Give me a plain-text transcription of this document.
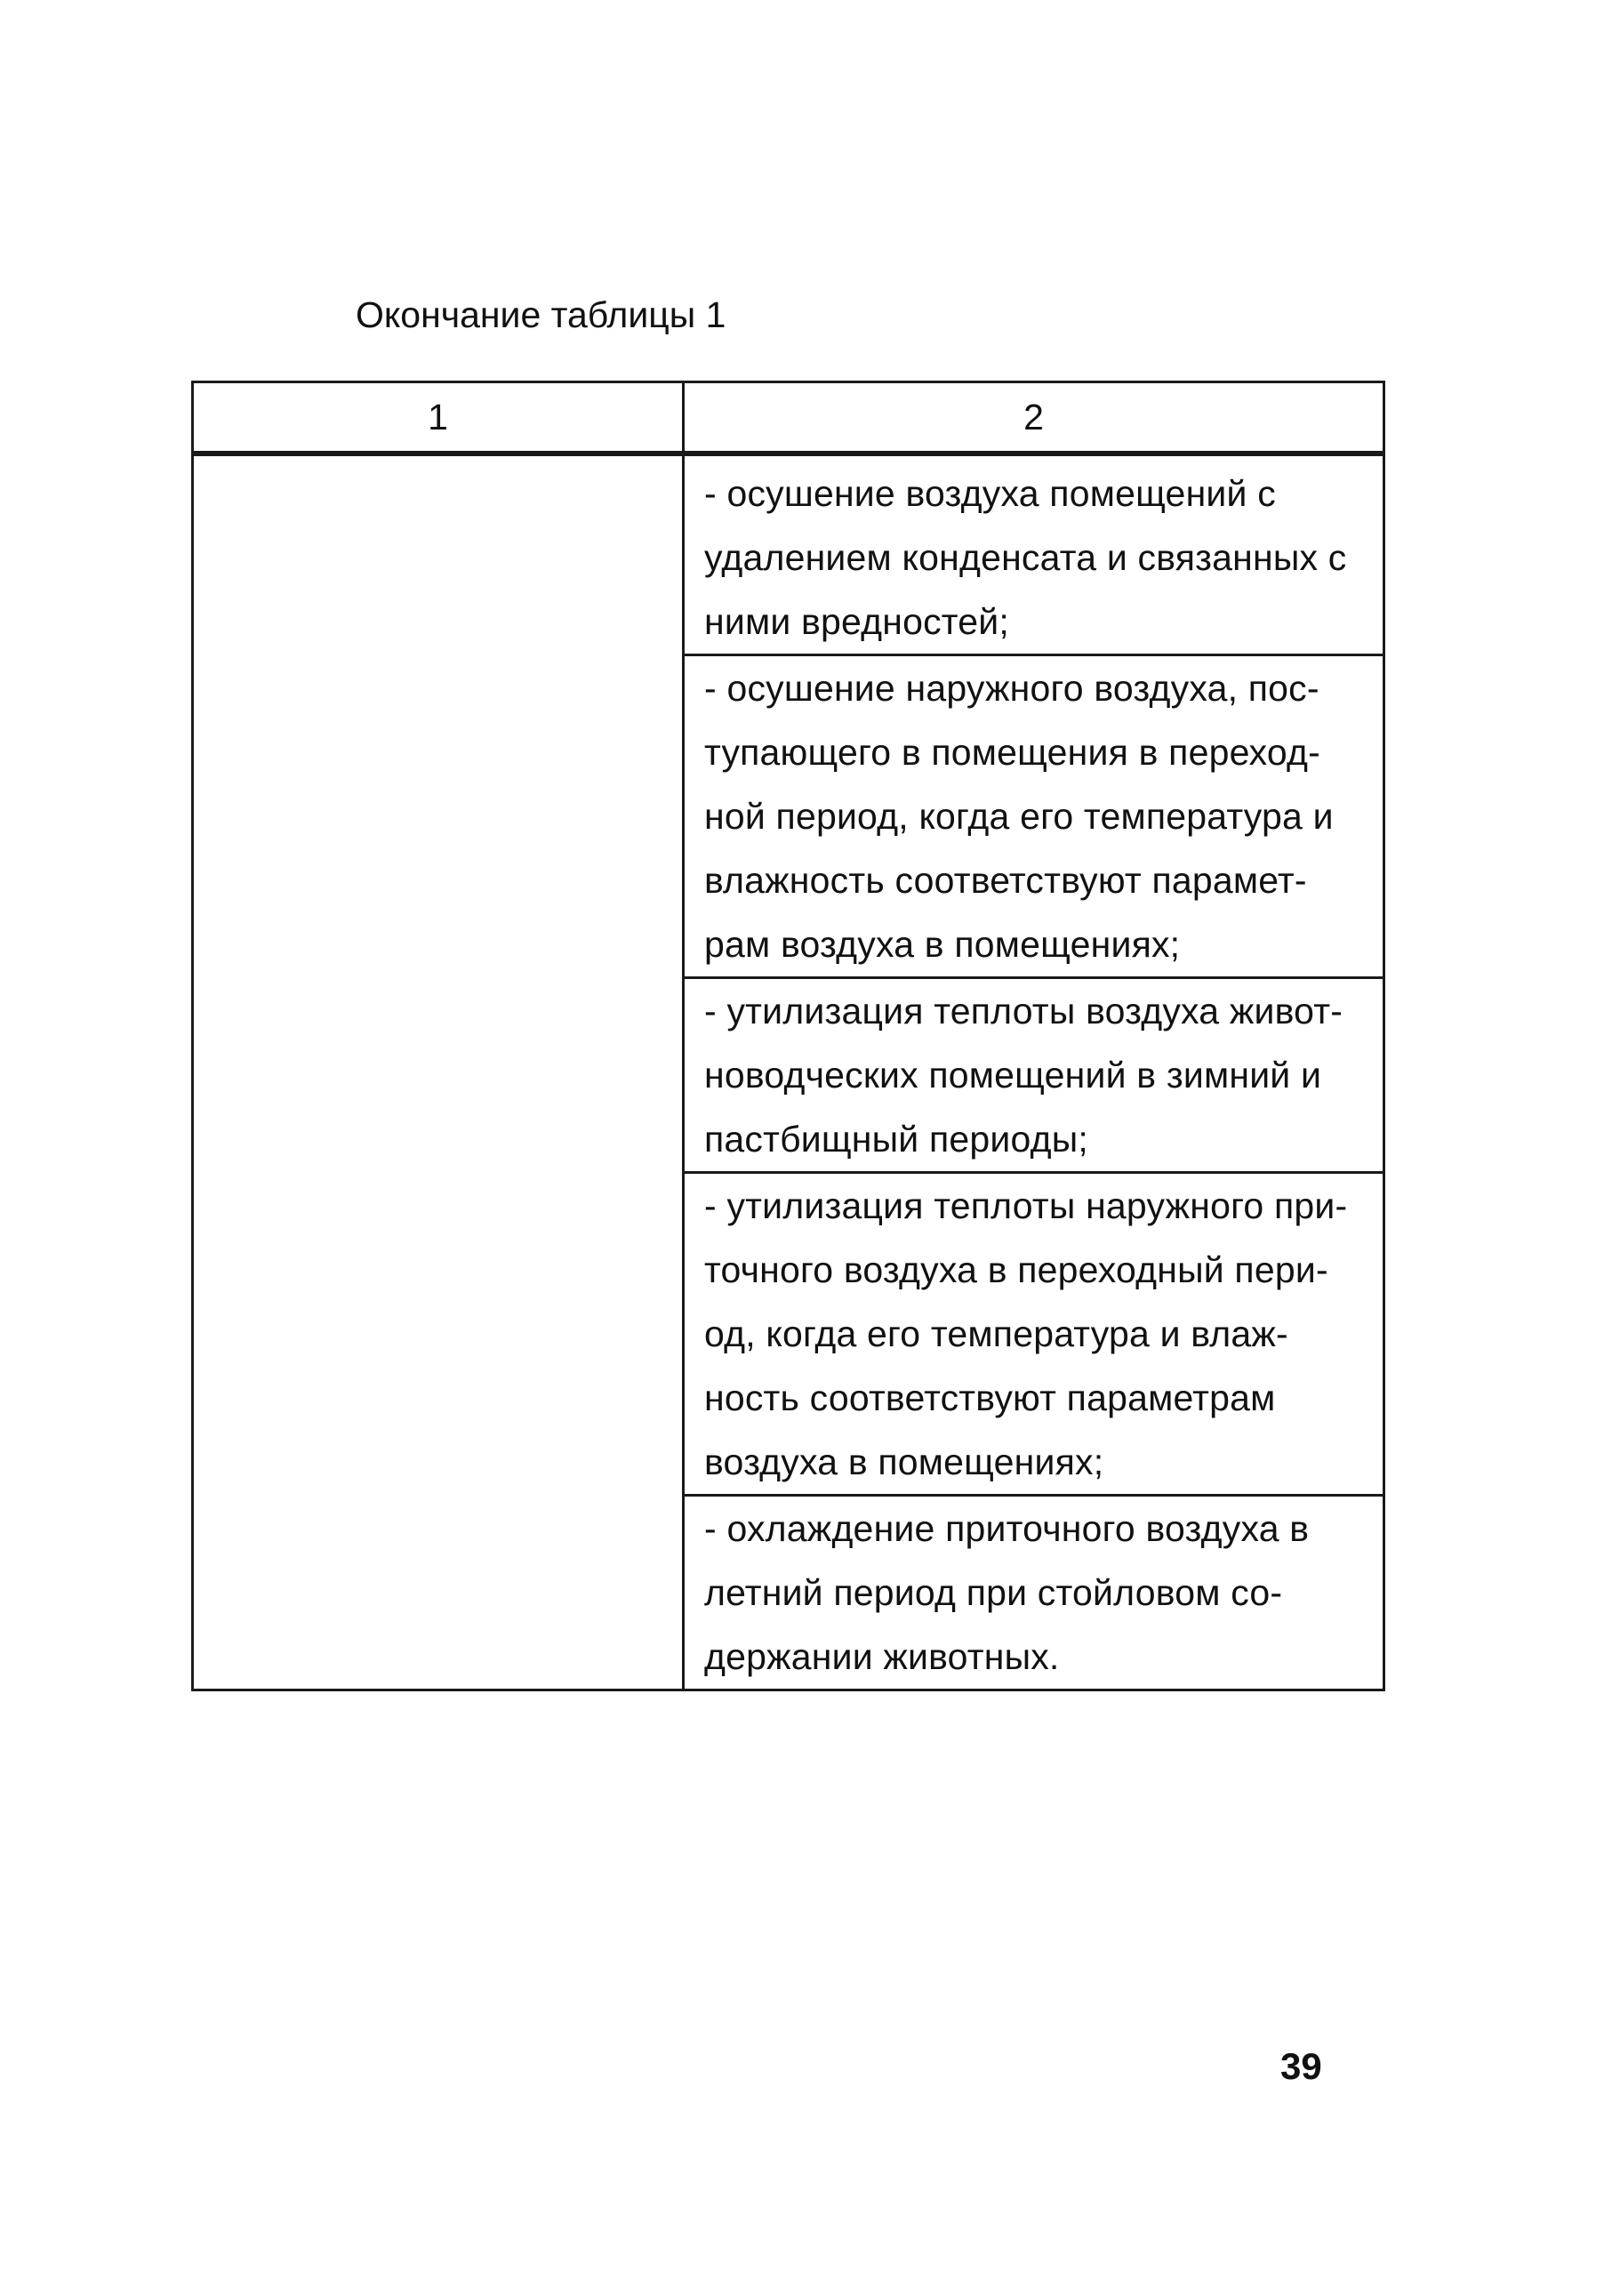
Окончание таблицы 1
1	2
	- осушение воздуха помещений с
удалением конденсата и связанных с
ними вредностей;
	- осушение наружного воздуха, пос-
тупающего в помещения в переход-
ной период, когда его температура и
влажность соответствуют парамет-
рам воздуха в помещениях;
	- утилизация теплоты воздуха живот-
новодческих помещений в зимний и
пастбищный периоды;
	- утилизация теплоты наружного при-
точного воздуха в переходный пери-
од, когда его температура и влаж-
ность соответствуют параметрам
воздуха в помещениях;
	- охлаждение приточного воздуха в
летний период при стойловом со-
держании животных.
39
